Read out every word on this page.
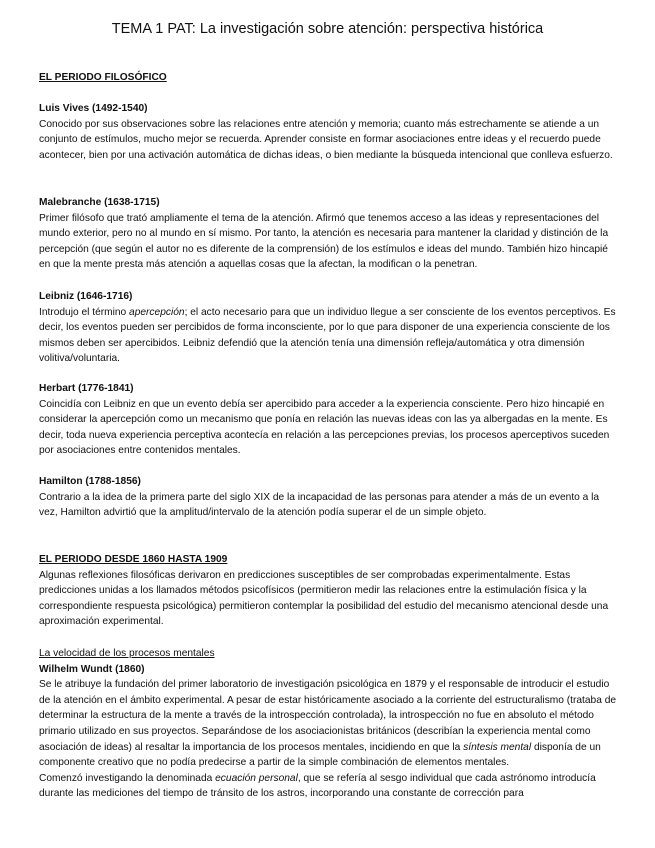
TEMA 1 PAT: La investigación sobre atención: perspectiva histórica
EL PERIODO FILOSÓFICO

Luis Vives (1492-1540)

Conocido por sus observaciones sobre las relaciones entre atención y memoria; cuanto más estrechamente se atiende a un conjunto de estímulos, mucho mejor se recuerda. Aprender consiste en formar asociaciones entre ideas y el recuerdo puede acontecer, bien por una activación automática de dichas ideas, o bien mediante la búsqueda intencional que conlleva esfuerzo.

Malebranche (1638-1715)

Primer filósofo que trató ampliamente el tema de la atención. Afirmó que tenemos acceso a las ideas y representaciones del mundo exterior, pero no al mundo en sí mismo. Por tanto, la atención es necesaria para mantener la claridad y distinción de la percepción (que según el autor no es diferente de la comprensión) de los estímulos e ideas del mundo. También hizo hincapié en que la mente presta más atención a aquellas cosas que la afectan, la modifican o la penetran.

Leibniz (1646-1716)

Introdujo el término apercepción; el acto necesario para que un individuo llegue a ser consciente de los eventos perceptivos. Es decir, los eventos pueden ser percibidos de forma inconsciente, por lo que para disponer de una experiencia consciente de los mismos deben ser apercibidos. Leibniz defendió que la atención tenía una dimensión refleja/automática y otra dimensión volitiva/voluntaria.

Herbart (1776-1841)

Coincidía con Leibniz en que un evento debía ser apercibido para acceder a la experiencia consciente. Pero hizo hincapié en considerar la apercepción como un mecanismo que ponía en relación las nuevas ideas con las ya albergadas en la mente. Es decir, toda nueva experiencia perceptiva acontecía en relación a las percepciones previas, los procesos aperceptivos suceden por asociaciones entre contenidos mentales.

Hamilton (1788-1856)

Contrario a la idea de la primera parte del siglo XIX de la incapacidad de las personas para atender a más de un evento a la vez, Hamilton advirtió que la amplitud/intervalo de la atención podía superar el de un simple objeto.

EL PERIODO DESDE 1860 HASTA 1909

Algunas reflexiones filosóficas derivaron en predicciones susceptibles de ser comprobadas experimentalmente. Estas predicciones unidas a los llamados métodos psicofísicos (permitieron medir las relaciones entre la estimulación física y la correspondiente respuesta psicológica) permitieron contemplar la posibilidad del estudio del mecanismo atencional desde una aproximación experimental.

La velocidad de los procesos mentales

Wilhelm Wundt (1860)

Se le atribuye la fundación del primer laboratorio de investigación psicológica en 1879 y el responsable de introducir el estudio de la atención en el ámbito experimental. A pesar de estar históricamente asociado a la corriente del estructuralismo (trataba de determinar la estructura de la mente a través de la introspección controlada), la introspección no fue en absoluto el método primario utilizado en sus proyectos. Separándose de los asociacionistas británicos (describían la experiencia mental como asociación de ideas) al resaltar la importancia de los procesos mentales, incidiendo en que la síntesis mental disponía de un componente creativo que no podía predecirse a partir de la simple combinación de elementos mentales.

Comenzó investigando la denominada ecuación personal, que se refería al sesgo individual que cada astrónomo introducía durante las mediciones del tiempo de tránsito de los astros, incorporando una constante de corrección para
